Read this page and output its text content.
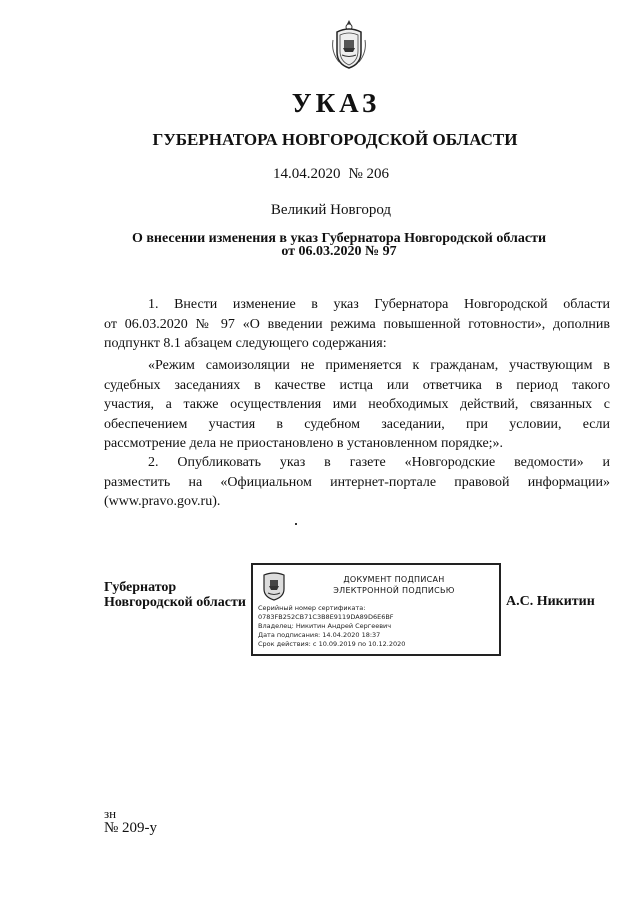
УКАЗ
ГУБЕРНАТОРА НОВГОРОДСКОЙ ОБЛАСТИ
14.04.2020 № 206
Великий Новгород
О внесении изменения в указ Губернатора Новгородской области
от 06.03.2020 № 97
1. Внести изменение в указ Губернатора Новгородской области
от 06.03.2020 № 97 «О введении режима повышенной готовности», дополнив
подпункт 8.1 абзацем следующего содержания:
«Режим самоизоляции не применяется к гражданам, участвующим в
судебных заседаниях в качестве истца или ответчика в период такого
участия, а также осуществления ими необходимых действий, связанных с
обеспечением участия в судебном заседании, при условии, если
рассмотрение дела не приостановлено в установленном порядке;».
2. Опубликовать указ в газете «Новгородские ведомости» и
разместить на «Официальном интернет-портале правовой информации»
(www.pravo.gov.ru).
Губернатор
Новгородской области
ДОКУМЕНТ ПОДПИСАН
ЭЛЕКТРОННОЙ ПОДПИСЬЮ
Серийный номер сертификата:
0783FB252CB71C3B8E9119DA89D6E6BF
Владелец: Никитин Андрей Сергеевич
Дата подписания: 14.04.2020 18:37
Срок действия: с 10.09.2019 по 10.12.2020
А.С. Никитин
зн
№ 209-у
